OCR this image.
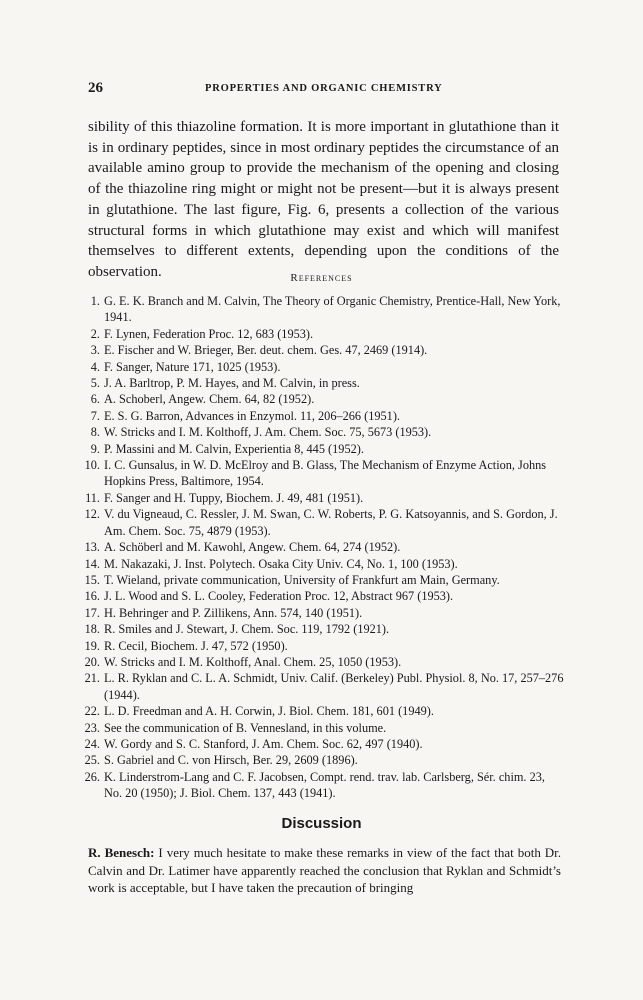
26	PROPERTIES AND ORGANIC CHEMISTRY

sibility of this thiazoline formation. It is more important in glutathione than it is in ordinary peptides, since in most ordinary peptides the circumstance of an available amino group to provide the mechanism of the opening and closing of the thiazoline ring might or might not be present—but it is always present in glutathione. The last figure, Fig. 6, presents a collection of the various structural forms in which glutathione may exist and which will manifest themselves to different extents, depending upon the conditions of the observation.	References
1. G. E. K. Branch and M. Calvin, The Theory of Organic Chemistry, Prentice-Hall, New York, 1941.
2. F. Lynen, Federation Proc. 12, 683 (1953).
3. E. Fischer and W. Brieger, Ber. deut. chem. Ges. 47, 2469 (1914).
4. F. Sanger, Nature 171, 1025 (1953).
5. J. A. Barltrop, P. M. Hayes, and M. Calvin, in press.
6. A. Schoberl, Angew. Chem. 64, 82 (1952).
7. E. S. G. Barron, Advances in Enzymol. 11, 206–266 (1951).
8. W. Stricks and I. M. Kolthoff, J. Am. Chem. Soc. 75, 5673 (1953).
9. P. Massini and M. Calvin, Experientia 8, 445 (1952).
10. I. C. Gunsalus, in W. D. McElroy and B. Glass, The Mechanism of Enzyme Action, Johns Hopkins Press, Baltimore, 1954.
11. F. Sanger and H. Tuppy, Biochem. J. 49, 481 (1951).
12. V. du Vigneaud, C. Ressler, J. M. Swan, C. W. Roberts, P. G. Katsoyannis, and S. Gordon, J. Am. Chem. Soc. 75, 4879 (1953).
13. A. Schöberl and M. Kawohl, Angew. Chem. 64, 274 (1952).
14. M. Nakazaki, J. Inst. Polytech. Osaka City Univ. C4, No. 1, 100 (1953).
15. T. Wieland, private communication, University of Frankfurt am Main, Germany.
16. J. L. Wood and S. L. Cooley, Federation Proc. 12, Abstract 967 (1953).
17. H. Behringer and P. Zillikens, Ann. 574, 140 (1951).
18. R. Smiles and J. Stewart, J. Chem. Soc. 119, 1792 (1921).
19. R. Cecil, Biochem. J. 47, 572 (1950).
20. W. Stricks and I. M. Kolthoff, Anal. Chem. 25, 1050 (1953).
21. L. R. Ryklan and C. L. A. Schmidt, Univ. Calif. (Berkeley) Publ. Physiol. 8, No. 17, 257–276 (1944).
22. L. D. Freedman and A. H. Corwin, J. Biol. Chem. 181, 601 (1949).
23. See the communication of B. Vennesland, in this volume.
24. W. Gordy and S. C. Stanford, J. Am. Chem. Soc. 62, 497 (1940).
25. S. Gabriel and C. von Hirsch, Ber. 29, 2609 (1896).
26. K. Linderstrom-Lang and C. F. Jacobsen, Compt. rend. trav. lab. Carlsberg, Sér. chim. 23, No. 20 (1950); J. Biol. Chem. 137, 443 (1941).
Discussion

R. Benesch: I very much hesitate to make these remarks in view of the fact that both Dr. Calvin and Dr. Latimer have apparently reached the conclusion that Ryklan and Schmidt’s work is acceptable, but I have taken the precaution of bringing
